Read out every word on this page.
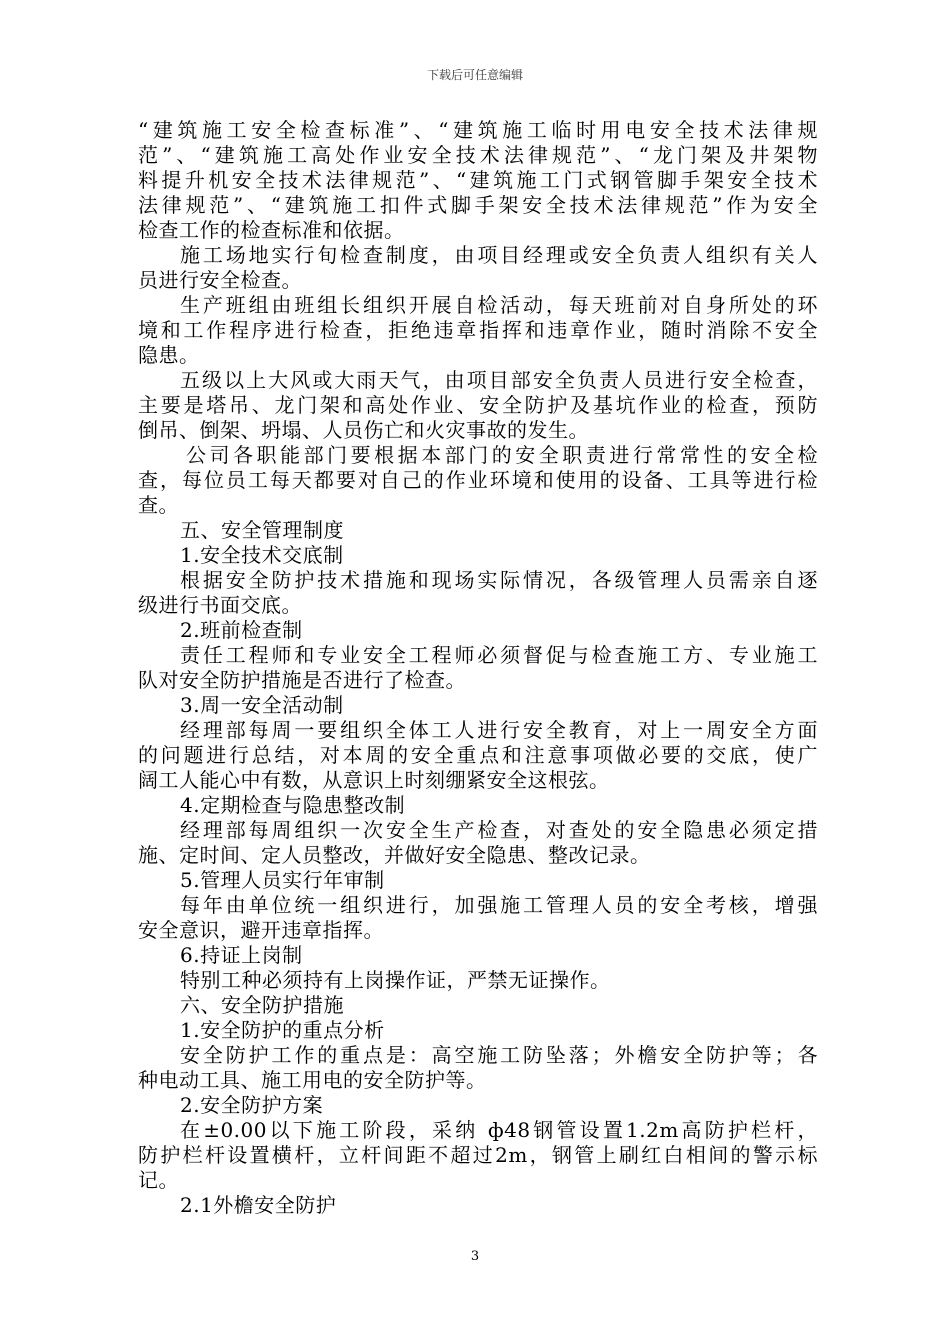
下载后可任意编辑
“建筑施工安全检查标准”、“建筑施工临时用电安全技术法律规
范”、“建筑施工高处作业安全技术法律规范”、“龙门架及井架物
料提升机安全技术法律规范”、“建筑施工门式钢管脚手架安全技术
法律规范”、“建筑施工扣件式脚手架安全技术法律规范”作为安全
检查工作的检查标准和依据。
施工场地实行旬检查制度，由项目经理或安全负责人组织有关人
员进行安全检查。
生产班组由班组长组织开展自检活动，每天班前对自身所处的环
境和工作程序进行检查，拒绝违章指挥和违章作业，随时消除不安全
隐患。
五级以上大风或大雨天气，由项目部安全负责人员进行安全检查，
主要是塔吊、龙门架和高处作业、安全防护及基坑作业的检查，预防
倒吊、倒架、坍塌、人员伤亡和火灾事故的发生。
公司各职能部门要根据本部门的安全职责进行常常性的安全检
查，每位员工每天都要对自己的作业环境和使用的设备、工具等进行检
查。
五、安全管理制度
1.安全技术交底制
根据安全防护技术措施和现场实际情况，各级管理人员需亲自逐
级进行书面交底。
2.班前检查制
责任工程师和专业安全工程师必须督促与检查施工方、专业施工
队对安全防护措施是否进行了检查。
3.周一安全活动制
经理部每周一要组织全体工人进行安全教育，对上一周安全方面
的问题进行总结，对本周的安全重点和注意事项做必要的交底，使广
阔工人能心中有数，从意识上时刻绷紧安全这根弦。
4.定期检查与隐患整改制
经理部每周组织一次安全生产检查，对查处的安全隐患必须定措
施、定时间、定人员整改，并做好安全隐患、整改记录。
5.管理人员实行年审制
每年由单位统一组织进行，加强施工管理人员的安全考核，增强
安全意识，避开违章指挥。
6.持证上岗制
特别工种必须持有上岗操作证，严禁无证操作。
六、安全防护措施
1.安全防护的重点分析
安全防护工作的重点是：高空施工防坠落；外檐安全防护等；各
种电动工具、施工用电的安全防护等。
2.安全防护方案
在±0.00以下施工阶段，采纳 ф48钢管设置1.2m高防护栏杆，
防护栏杆设置横杆，立杆间距不超过2m，钢管上刷红白相间的警示标
记。
2.1外檐安全防护
3
